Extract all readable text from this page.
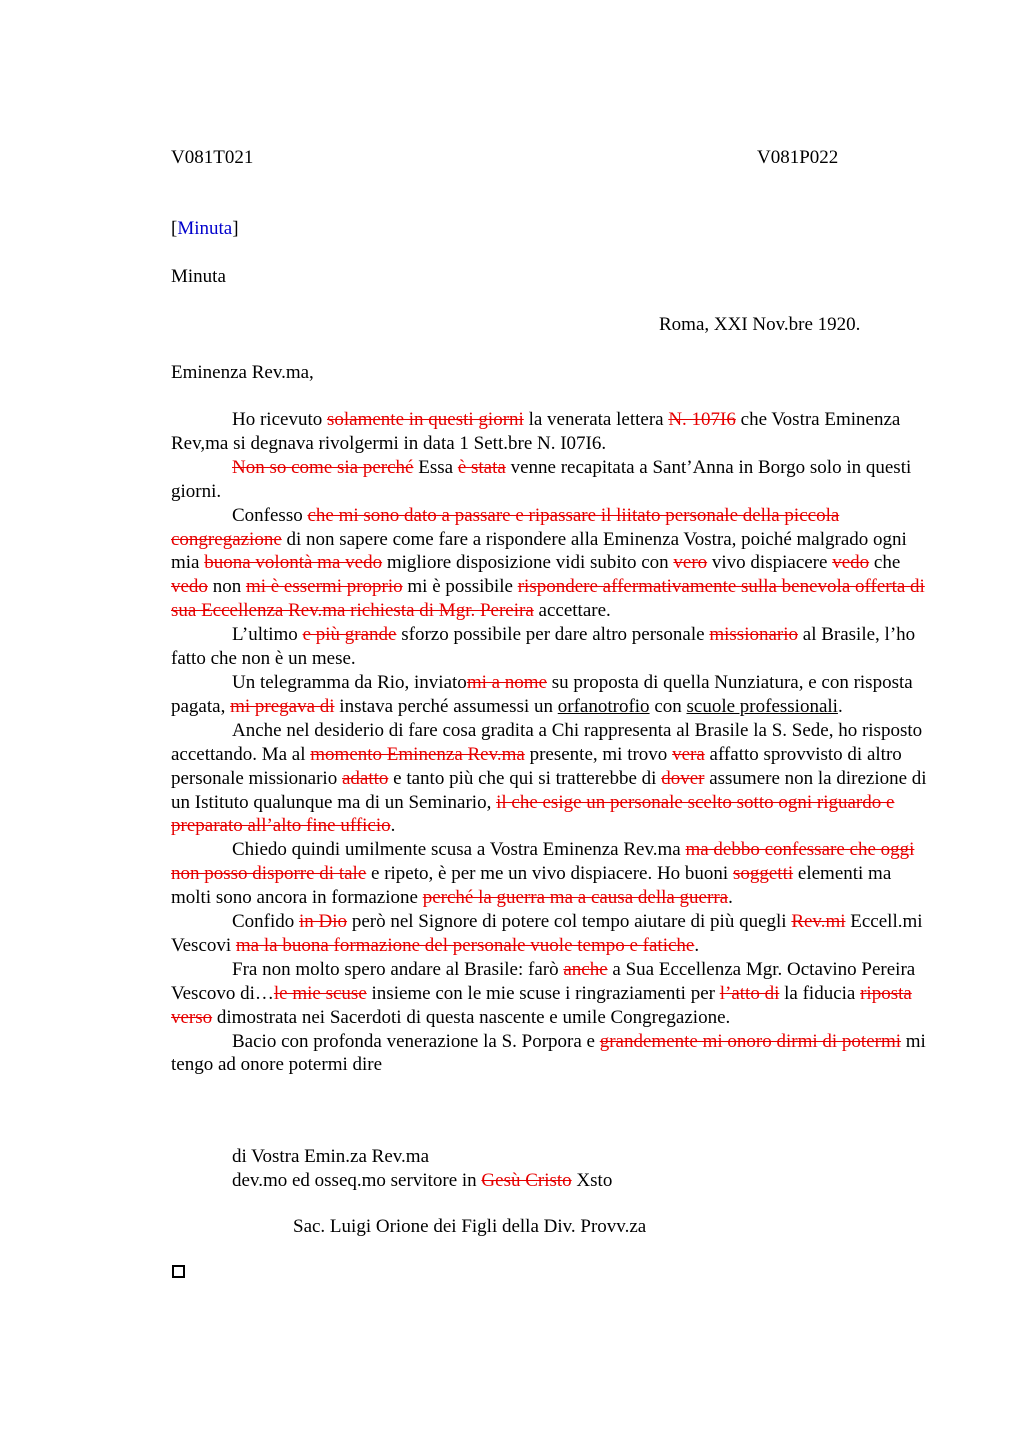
V081T021	V081P022
[Minuta]
Minuta
Roma, XXI Nov.bre 1920.
Eminenza Rev.ma,

Ho ricevuto solamente in questi giorni la venerata lettera N. 107I6 che Vostra Eminenza Rev,ma si degnava rivolgermi in data 1 Sett.bre N. I07I6.

Non so come sia perché Essa è stata venne recapitata a Sant’Anna in Borgo solo in questi giorni.

Confesso che mi sono dato a passare e ripassare il liitato personale della piccola congregazione di non sapere come fare a rispondere alla Eminenza Vostra, poiché malgrado ogni mia buona volontà ma vedo migliore disposizione vidi subito con vero vivo dispiacere vedo che vedo non mi è essermi proprio mi è possibile rispondere affermativamente sulla benevola offerta di sua Eccellenza Rev.ma richiesta di Mgr. Pereira accettare.

L’ultimo e più grande sforzo possibile per dare altro personale missionario al Brasile, l’ho fatto che non è un mese.

Un telegramma da Rio, inviatomi a nome su proposta di quella Nunziatura, e con risposta pagata, mi pregava di instava perché assumessi un orfanotrofio con scuole professionali.

Anche nel desiderio di fare cosa gradita a Chi rappresenta al Brasile la S. Sede, ho risposto accettando. Ma al momento Eminenza Rev.ma presente, mi trovo vera affatto sprovvisto di altro personale missionario adatto e tanto più che qui si tratterebbe di dover assumere non la direzione di un Istituto qualunque ma di un Seminario, il che esige un personale scelto sotto ogni riguardo e preparato all’alto fine ufficio.

Chiedo quindi umilmente scusa a Vostra Eminenza Rev.ma ma debbo confessare che oggi non posso disporre di tale e ripeto, è per me un vivo dispiacere. Ho buoni soggetti elementi ma molti sono ancora in formazione perché la guerra ma a causa della guerra.

Confido in Dio però nel Signore di potere col tempo aiutare di più quegli Rev.mi Eccell.mi Vescovi ma la buona formazione del personale vuole tempo e fatiche.

Fra non molto spero andare al Brasile: farò anche a Sua Eccellenza Mgr. Octavino Pereira Vescovo di…le mie scuse insieme con le mie scuse i ringraziamenti per l’atto di la fiducia riposta verso dimostrata nei Sacerdoti di questa nascente e umile Congregazione.

Bacio con profonda venerazione la S. Porpora e grandemente mi onoro dirmi di potermi mi tengo ad onore potermi dire

di Vostra Emin.za Rev.ma
dev.mo ed osseq.mo servitore in Gesù Cristo Xsto
Sac. Luigi Orione dei Figli della Div. Provv.za
